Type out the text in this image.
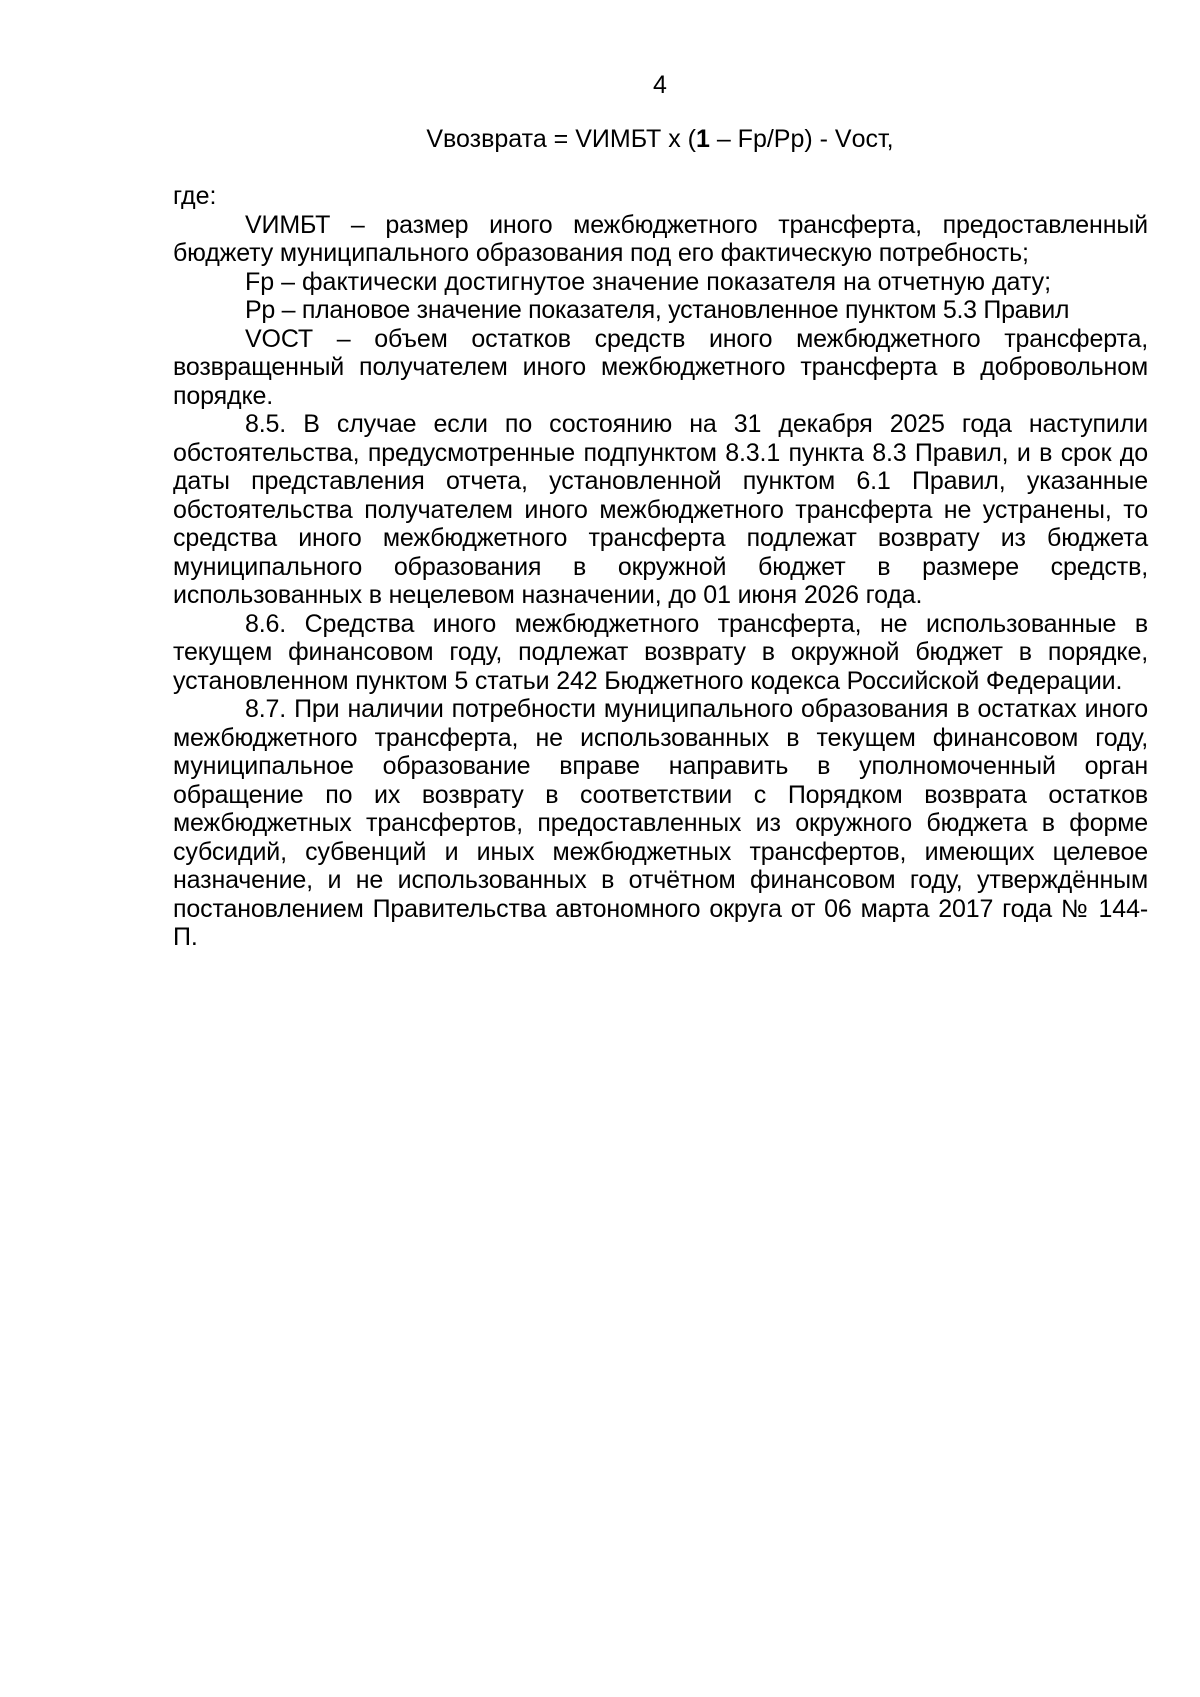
4
Vвозврата = VИМБТ х (1 – Fp/Pp) - Vост,

где:

VИМБТ – размер иного межбюджетного трансферта, предоставленный бюджету муниципального образования под его фактическую потребность;

Fp – фактически достигнутое значение показателя на отчетную дату;

Pp – плановое значение показателя, установленное пунктом 5.3 Правил

VОСТ – объем остатков средств иного межбюджетного трансферта, возвращенный получателем иного межбюджетного трансферта в добровольном порядке.

8.5. В случае если по состоянию на 31 декабря 2025 года наступили обстоятельства, предусмотренные подпунктом 8.3.1 пункта 8.3 Правил, и в срок до даты представления отчета, установленной пунктом 6.1 Правил, указанные обстоятельства получателем иного межбюджетного трансферта не устранены, то средства иного межбюджетного трансферта подлежат возврату из бюджета муниципального образования в окружной бюджет в размере средств, использованных в нецелевом назначении, до 01 июня 2026 года.

8.6. Средства иного межбюджетного трансферта, не использованные в текущем финансовом году, подлежат возврату в окружной бюджет в порядке, установленном пунктом 5 статьи 242 Бюджетного кодекса Российской Федерации.

8.7. При наличии потребности муниципального образования в остатках иного межбюджетного трансферта, не использованных в текущем финансовом году, муниципальное образование вправе направить в уполномоченный орган обращение по их возврату в соответствии с Порядком возврата остатков межбюджетных трансфертов, предоставленных из окружного бюджета в форме субсидий, субвенций и иных межбюджетных трансфертов, имеющих целевое назначение, и не использованных в отчётном финансовом году, утверждённым постановлением Правительства автономного округа от 06 марта 2017 года № 144-П.
